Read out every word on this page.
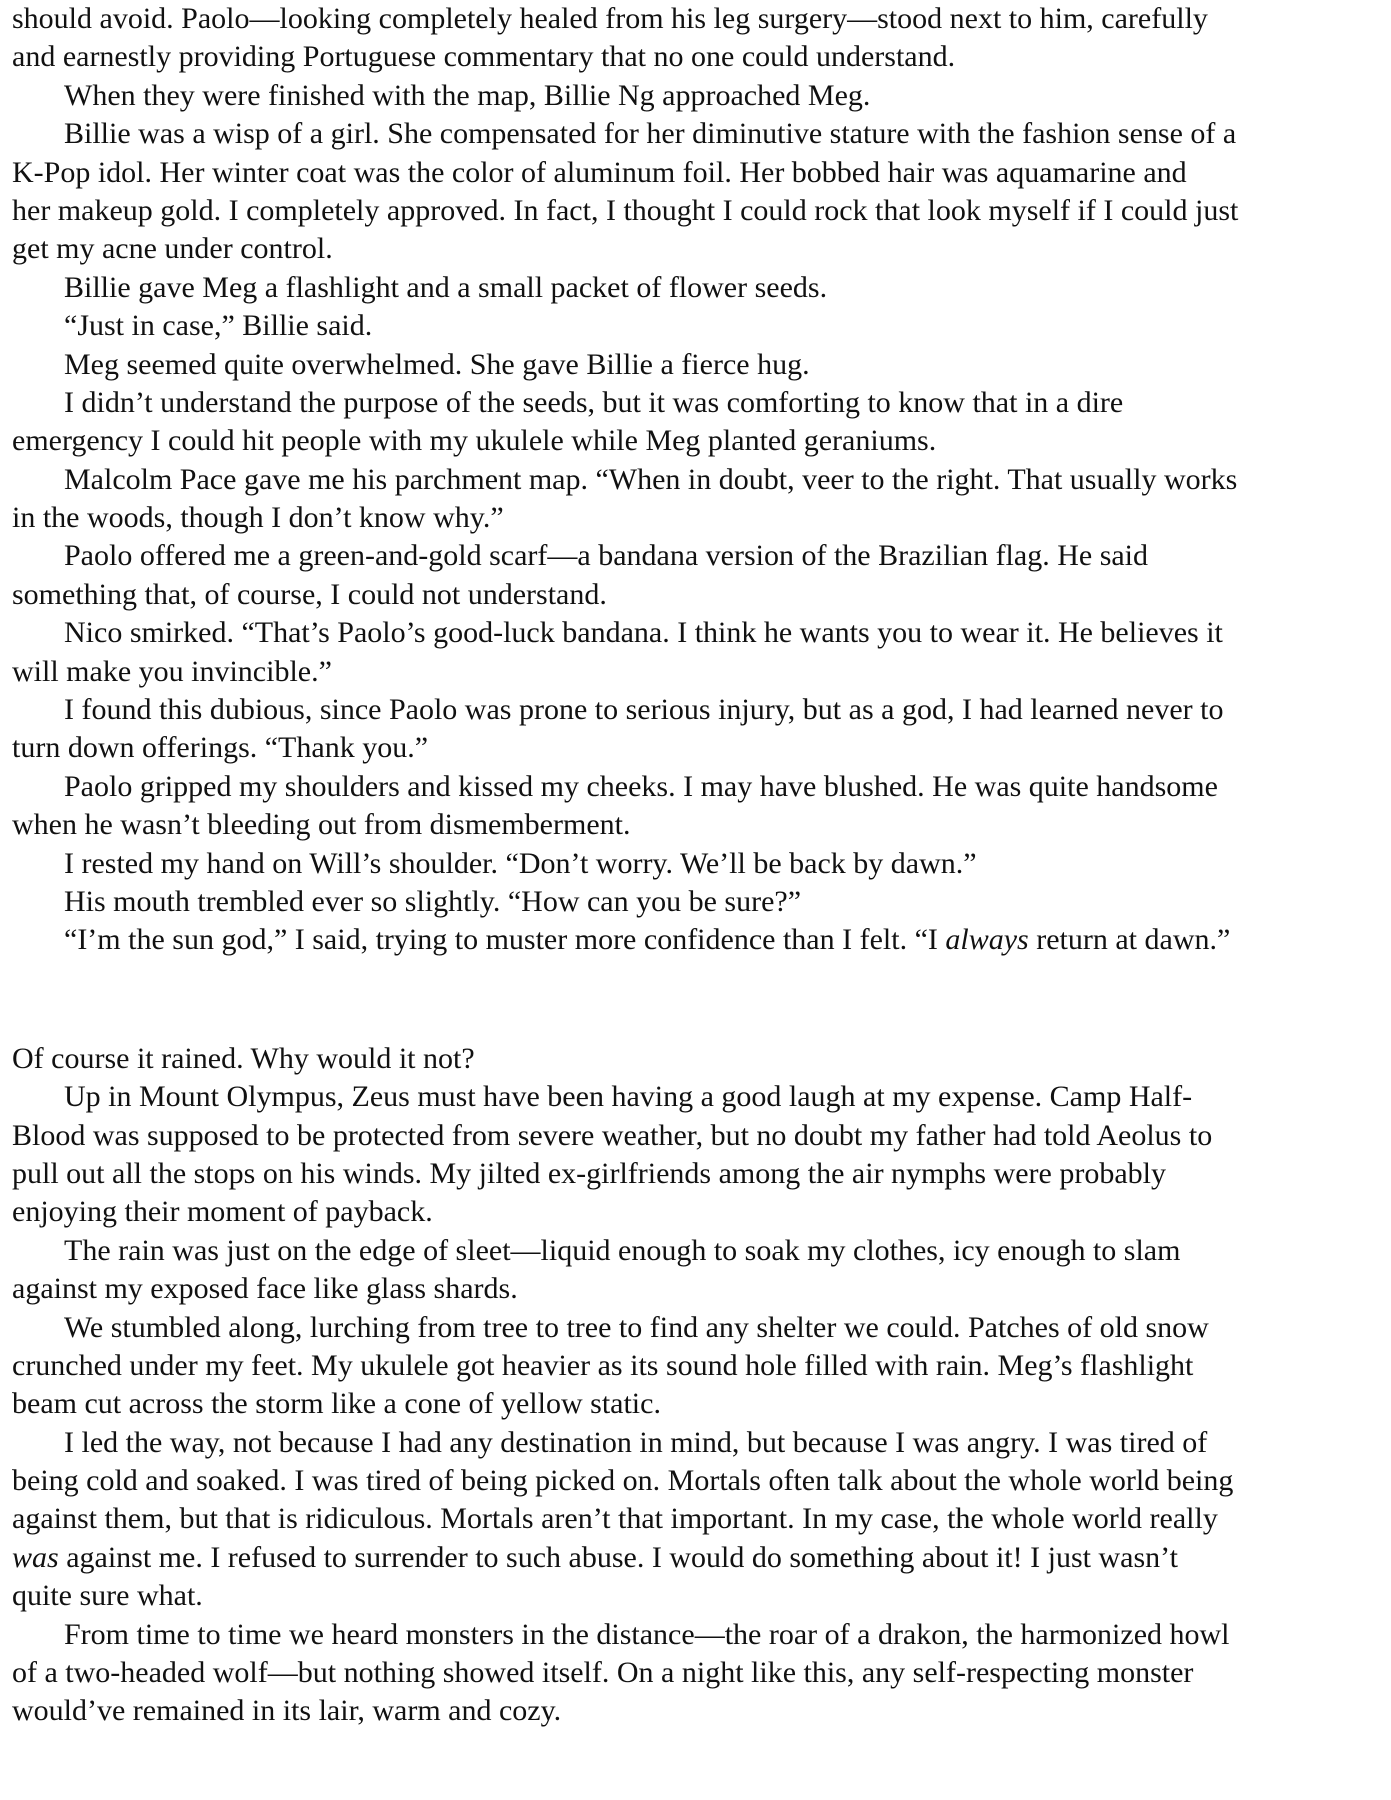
should avoid. Paolo—looking completely healed from his leg surgery—stood next to him, carefully
and earnestly providing Portuguese commentary that no one could understand.
When they were finished with the map, Billie Ng approached Meg.
Billie was a wisp of a girl. She compensated for her diminutive stature with the fashion sense of a
K-Pop idol. Her winter coat was the color of aluminum foil. Her bobbed hair was aquamarine and
her makeup gold. I completely approved. In fact, I thought I could rock that look myself if I could just
get my acne under control.
Billie gave Meg a flashlight and a small packet of flower seeds.
“Just in case,” Billie said.
Meg seemed quite overwhelmed. She gave Billie a fierce hug.
I didn’t understand the purpose of the seeds, but it was comforting to know that in a dire
emergency I could hit people with my ukulele while Meg planted geraniums.
Malcolm Pace gave me his parchment map. “When in doubt, veer to the right. That usually works
in the woods, though I don’t know why.”
Paolo offered me a green-and-gold scarf—a bandana version of the Brazilian flag. He said
something that, of course, I could not understand.
Nico smirked. “That’s Paolo’s good-luck bandana. I think he wants you to wear it. He believes it
will make you invincible.”
I found this dubious, since Paolo was prone to serious injury, but as a god, I had learned never to
turn down offerings. “Thank you.”
Paolo gripped my shoulders and kissed my cheeks. I may have blushed. He was quite handsome
when he wasn’t bleeding out from dismemberment.
I rested my hand on Will’s shoulder. “Don’t worry. We’ll be back by dawn.”
His mouth trembled ever so slightly. “How can you be sure?”
“I’m the sun god,” I said, trying to muster more confidence than I felt. “I always return at dawn.”
Of course it rained. Why would it not?
Up in Mount Olympus, Zeus must have been having a good laugh at my expense. Camp Half-
Blood was supposed to be protected from severe weather, but no doubt my father had told Aeolus to
pull out all the stops on his winds. My jilted ex-girlfriends among the air nymphs were probably
enjoying their moment of payback.
The rain was just on the edge of sleet—liquid enough to soak my clothes, icy enough to slam
against my exposed face like glass shards.
We stumbled along, lurching from tree to tree to find any shelter we could. Patches of old snow
crunched under my feet. My ukulele got heavier as its sound hole filled with rain. Meg’s flashlight
beam cut across the storm like a cone of yellow static.
I led the way, not because I had any destination in mind, but because I was angry. I was tired of
being cold and soaked. I was tired of being picked on. Mortals often talk about the whole world being
against them, but that is ridiculous. Mortals aren’t that important. In my case, the whole world really
was against me. I refused to surrender to such abuse. I would do something about it! I just wasn’t
quite sure what.
From time to time we heard monsters in the distance—the roar of a drakon, the harmonized howl
of a two-headed wolf—but nothing showed itself. On a night like this, any self-respecting monster
would’ve remained in its lair, warm and cozy.
